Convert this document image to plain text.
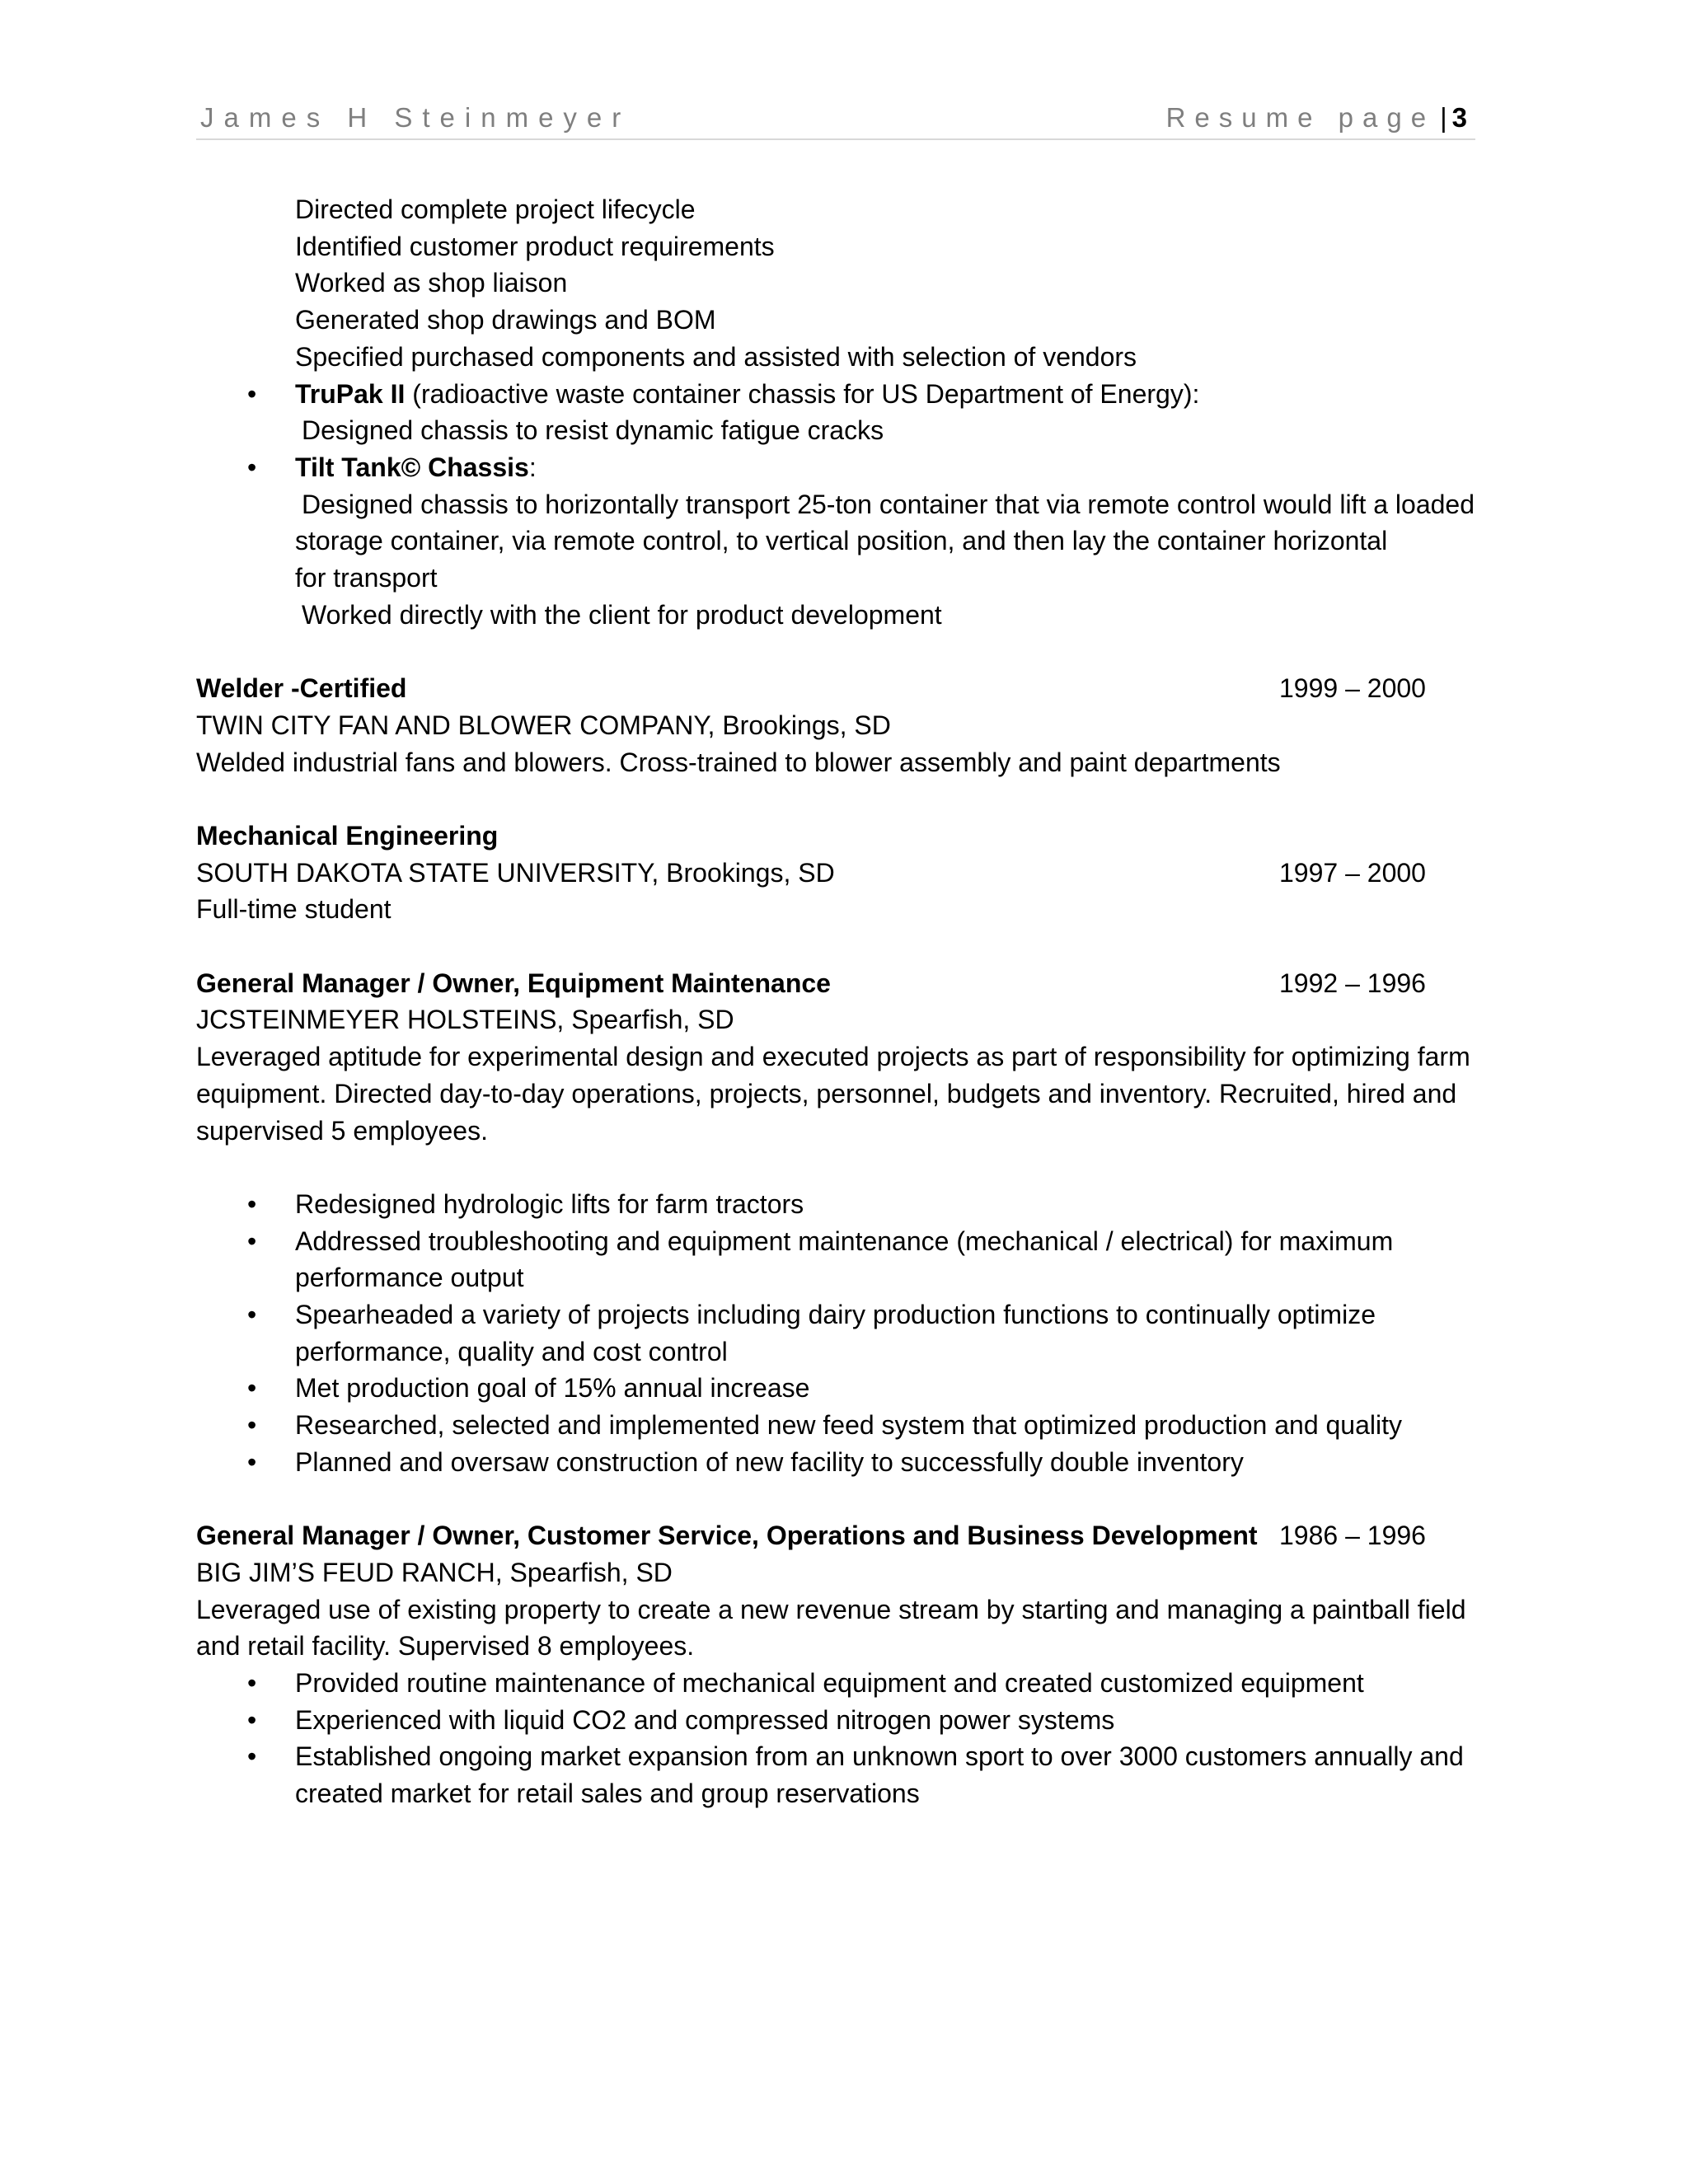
James H Steinmeyer	Resume page | 3
Directed complete project lifecycle
Identified customer product requirements
Worked as shop liaison
Generated shop drawings and BOM
Specified purchased components and assisted with selection of vendors
• TruPak II (radioactive waste container chassis for US Department of Energy):
Designed chassis to resist dynamic fatigue cracks
• Tilt Tank© Chassis:
Designed chassis to horizontally transport 25-ton container that via remote control would lift a loaded
storage container, via remote control, to vertical position, and then lay the container horizontal
for transport
Worked directly with the client for product development
Welder -Certified	1999 – 2000
TWIN CITY FAN AND BLOWER COMPANY, Brookings, SD
Welded industrial fans and blowers. Cross-trained to blower assembly and paint departments
Mechanical Engineering
SOUTH DAKOTA STATE UNIVERSITY, Brookings, SD	1997 – 2000
Full-time student
General Manager / Owner, Equipment Maintenance	1992 – 1996
JCSTEINMEYER HOLSTEINS, Spearfish, SD
Leveraged aptitude for experimental design and executed projects as part of responsibility for optimizing farm
equipment. Directed day-to-day operations, projects, personnel, budgets and inventory. Recruited, hired and
supervised 5 employees.
• Redesigned hydrologic lifts for farm tractors
• Addressed troubleshooting and equipment maintenance (mechanical / electrical) for maximum
performance output
• Spearheaded a variety of projects including dairy production functions to continually optimize
performance, quality and cost control
• Met production goal of 15% annual increase
• Researched, selected and implemented new feed system that optimized production and quality
• Planned and oversaw construction of new facility to successfully double inventory
General Manager / Owner, Customer Service, Operations and Business Development 1986 – 1996
BIG JIM’S FEUD RANCH, Spearfish, SD
Leveraged use of existing property to create a new revenue stream by starting and managing a paintball field
and retail facility. Supervised 8 employees.
• Provided routine maintenance of mechanical equipment and created customized equipment
• Experienced with liquid CO2 and compressed nitrogen power systems
• Established ongoing market expansion from an unknown sport to over 3000 customers annually and
created market for retail sales and group reservations
